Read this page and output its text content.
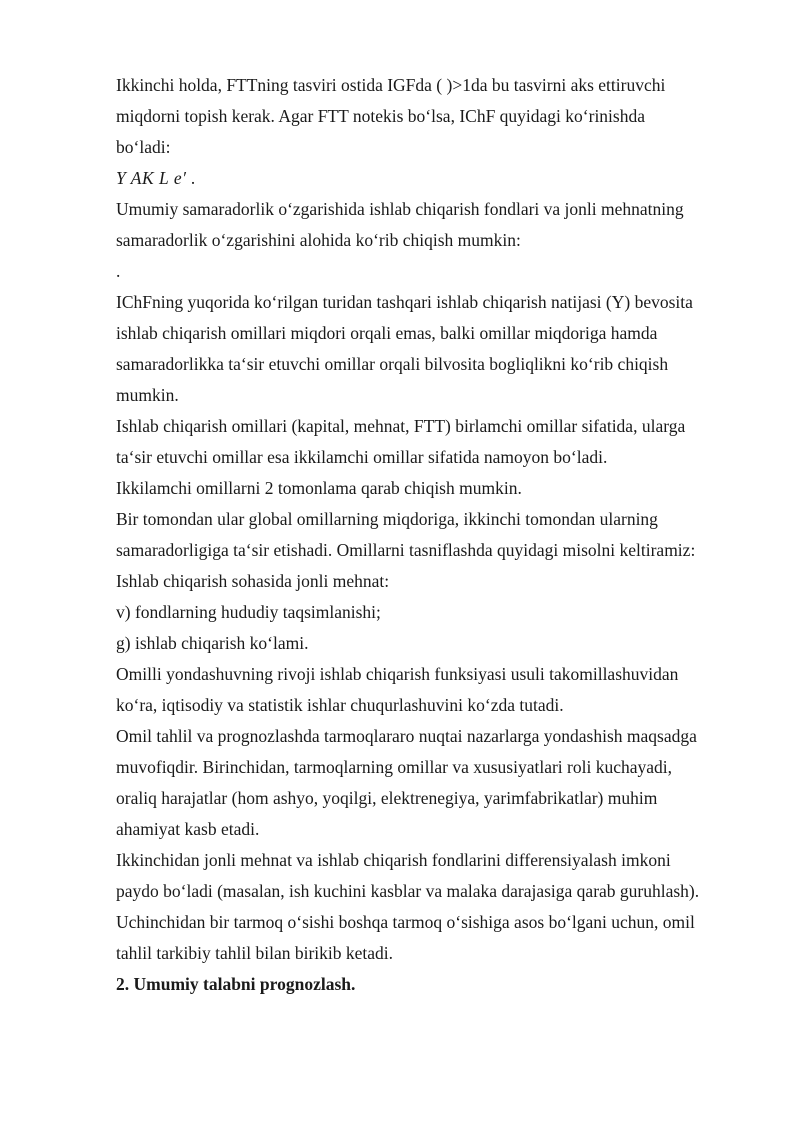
Ikkinchi holda, FTTning tasviri ostida IGFda ( )>1da bu tasvirni aks ettiruvchi
miqdorni topish kerak. Agar FTT notekis bo‘lsa, IChF quyidagi ko‘rinishda
bo‘ladi:
Y AK L e′ .
Umumiy samaradorlik o‘zgarishida ishlab chiqarish fondlari va jonli mehnatning
samaradorlik o‘zgarishini alohida ko‘rib chiqish mumkin:
.
IChFning yuqorida ko‘rilgan turidan tashqari ishlab chiqarish natijasi (Y) bevosita
ishlab chiqarish omillari miqdori orqali emas, balki omillar miqdoriga hamda
samaradorlikka ta‘sir etuvchi omillar orqali bilvosita bogliqlikni ko‘rib chiqish
mumkin.
Ishlab chiqarish omillari (kapital, mehnat, FTT) birlamchi omillar sifatida, ularga
ta‘sir etuvchi omillar esa ikkilamchi omillar sifatida namoyon bo‘ladi.
Ikkilamchi omillarni 2 tomonlama qarab chiqish mumkin.
Bir tomondan ular global omillarning miqdoriga, ikkinchi tomondan ularning
samaradorligiga ta‘sir etishadi. Omillarni tasniflashda quyidagi misolni keltiramiz:
Ishlab chiqarish sohasida jonli mehnat:
v) fondlarning hududiy taqsimlanishi;
g) ishlab chiqarish ko‘lami.
Omilli yondashuvning rivoji ishlab chiqarish funksiyasi usuli takomillashuvidan
ko‘ra, iqtisodiy va statistik ishlar chuqurlashuvini ko‘zda tutadi.
Omil tahlil va prognozlashda tarmoqlararo nuqtai nazarlarga yondashish maqsadga
muvofiqdir. Birinchidan, tarmoqlarning omillar va xususiyatlari roli kuchayadi,
oraliq harajatlar (hom ashyo, yoqilgi, elektrenegiya, yarimfabrikatlar) muhim
ahamiyat kasb etadi.
Ikkinchidan jonli mehnat va ishlab chiqarish fondlarini differensiyalash imkoni
paydo bo‘ladi (masalan, ish kuchini kasblar va malaka darajasiga qarab guruhlash).
Uchinchidan bir tarmoq o‘sishi boshqa tarmoq o‘sishiga asos bo‘lgani uchun, omil
tahlil tarkibiy tahlil bilan birikib ketadi.
2. Umumiy talabni prognozlash.
